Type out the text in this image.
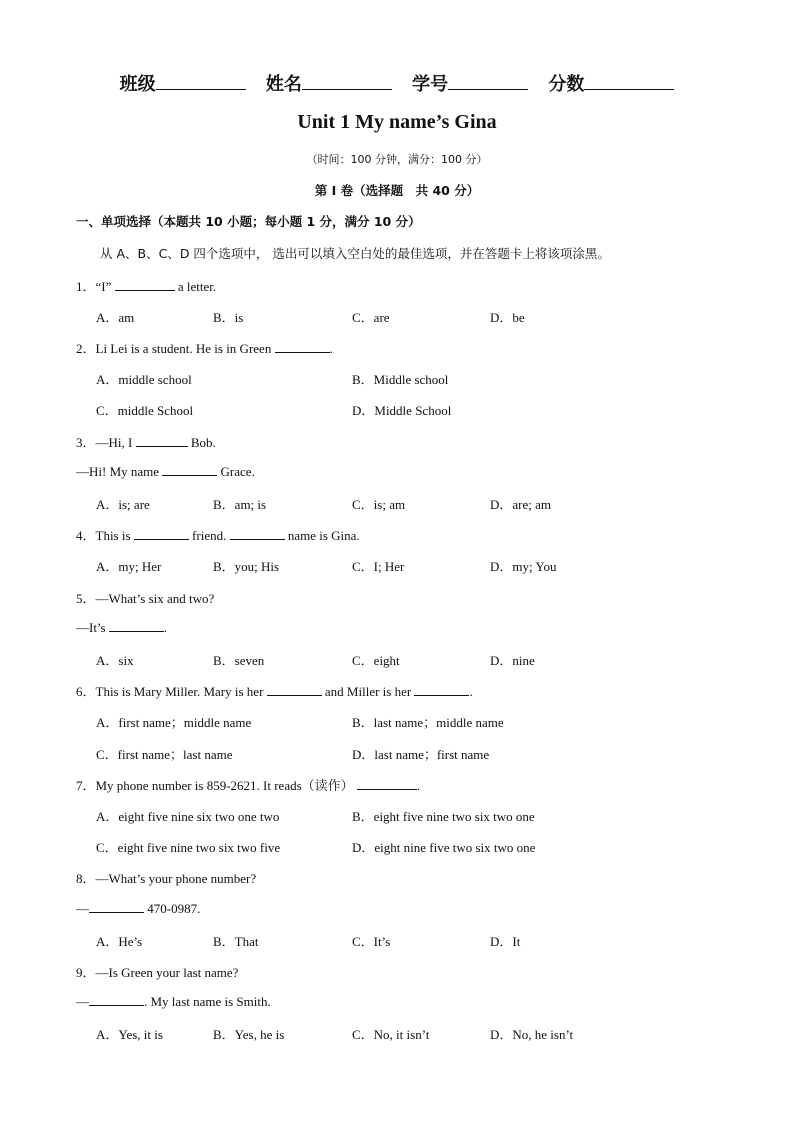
班级	姓名	学号	分数
Unit 1 My name’s Gina
（时间：100 分钟，满分：100 分）
第 I 卷（选择题　共 40 分）
一、单项选择（本题共 10 小题；每小题 1 分，满分 10 分）
从 A、B、C、D 四个选项中， 选出可以填入空白处的最佳选项，并在答题卡上将该项涂黑。
1．“I”	a letter.
A．am	B．is	C．are	D．be
2．Li Lei is a student. He is in Green	.
A．middle school	B．Middle school
C．middle School	D．Middle School
3．—Hi, I	Bob.
—Hi! My name	Grace.
A．is; are	B．am; is	C．is; am	D．are; am
4．This is	friend.	name is Gina.
A．my; Her	B．you; His	C．I; Her	D．my; You
5．—What’s six and two?
—It’s	.
A．six	B．seven	C．eight	D．nine
6．This is Mary Miller. Mary is her	and Miller is her	.
A．first name；middle name	B．last name；middle name
C．first name；last name	D．last name；first name
7．My phone number is 859-2621. It reads（读作）	.
A．eight five nine six two one two	B．eight five nine two six two one
C．eight five nine two six two five	D．eight nine five two six two one
8．—What’s your phone number?
—	470-0987.
A．He’s	B．That	C．It’s	D．It
9．—Is Green your last name?
—	. My last name is Smith.
A．Yes, it is	B．Yes, he is	C．No, it isn’t	D．No, he isn’t
